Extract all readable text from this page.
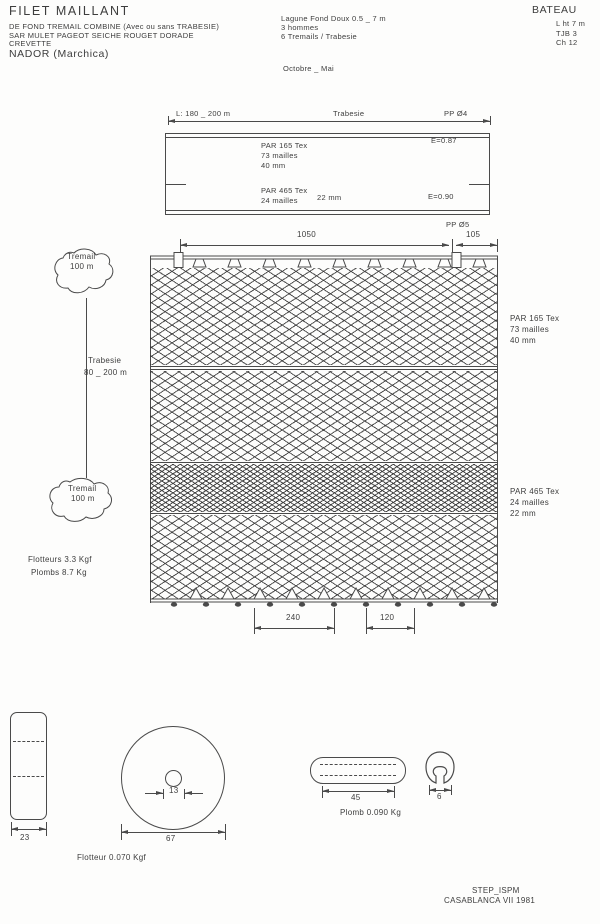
FILET MAILLANT
DE FOND TREMAIL COMBINE (Avec ou sans TRABESIE)
SAR MULET PAGEOT SEICHE ROUGET DORADE
CREVETTE
NADOR (Marchica)
Lagune Fond Doux 0.5 _ 7 m
3 hommes
6 Tremails / Trabesie
Octobre _ Mai
BATEAU
L ht 7 m
TJB 3
Ch 12
L: 180 _ 200 m	Trabesie	PP Ø4
PAR 165 Tex
73 mailles
40 mm
E=0.87
PAR 465 Tex
24 mailles	22 mm	E=0.90
PP Ø5
1050	105
240	120
Tremail
100 m
Trabesie
80 _ 200 m
Tremail
100 m
Flotteurs 3.3 Kgf
Plombs 8.7 Kg
PAR 165 Tex
73 mailles
40 mm
PAR 465 Tex
24 mailles
22 mm
23
13
67
Flotteur 0.070 Kgf
45	6
Plomb 0.090 Kg
STEP_ISPM
CASABLANCA VII 1981
